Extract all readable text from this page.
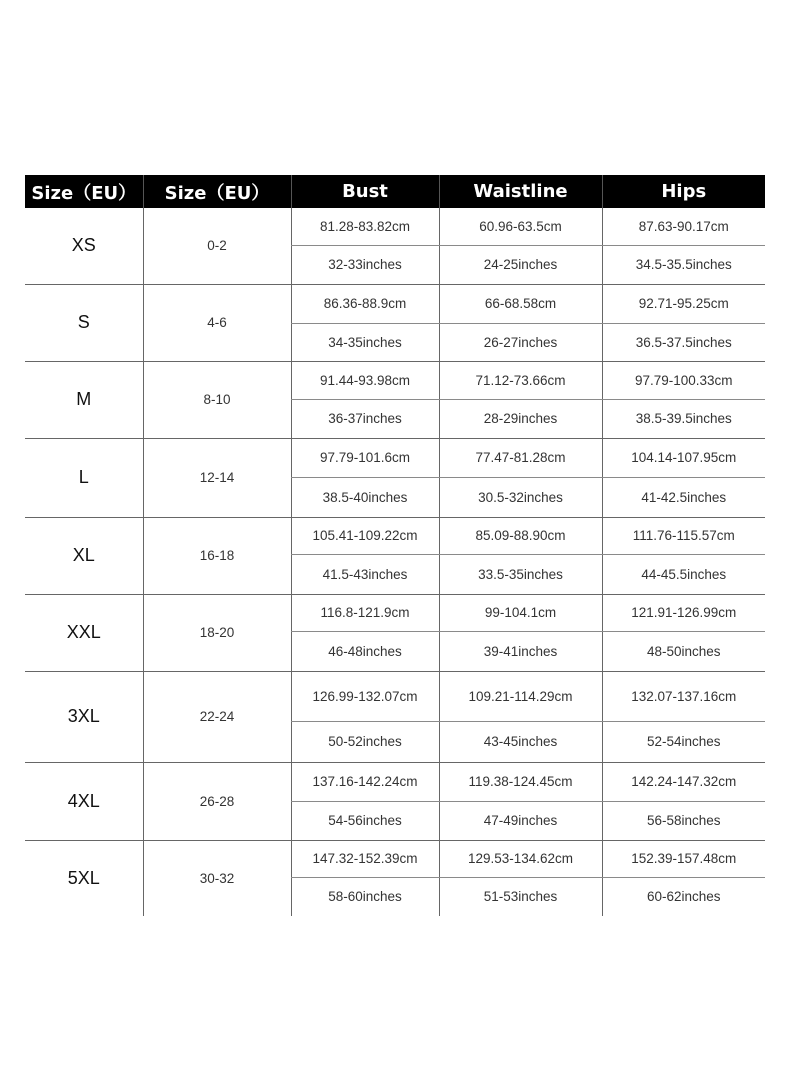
Size（EU）	Size（EU）	Bust	Waistline	Hips
XS	0-2	81.28-83.82cm	60.96-63.5cm	87.63-90.17cm
		32-33inches	24-25inches	34.5-35.5inches
S	4-6	86.36-88.9cm	66-68.58cm	92.71-95.25cm
		34-35inches	26-27inches	36.5-37.5inches
M	8-10	91.44-93.98cm	71.12-73.66cm	97.79-100.33cm
		36-37inches	28-29inches	38.5-39.5inches
L	12-14	97.79-101.6cm	77.47-81.28cm	104.14-107.95cm
		38.5-40inches	30.5-32inches	41-42.5inches
XL	16-18	105.41-109.22cm	85.09-88.90cm	111.76-115.57cm
		41.5-43inches	33.5-35inches	44-45.5inches
XXL	18-20	116.8-121.9cm	99-104.1cm	121.91-126.99cm
		46-48inches	39-41inches	48-50inches
3XL	22-24	126.99-132.07cm	109.21-114.29cm	132.07-137.16cm
		50-52inches	43-45inches	52-54inches
4XL	26-28	137.16-142.24cm	119.38-124.45cm	142.24-147.32cm
		54-56inches	47-49inches	56-58inches
5XL	30-32	147.32-152.39cm	129.53-134.62cm	152.39-157.48cm
		58-60inches	51-53inches	60-62inches
